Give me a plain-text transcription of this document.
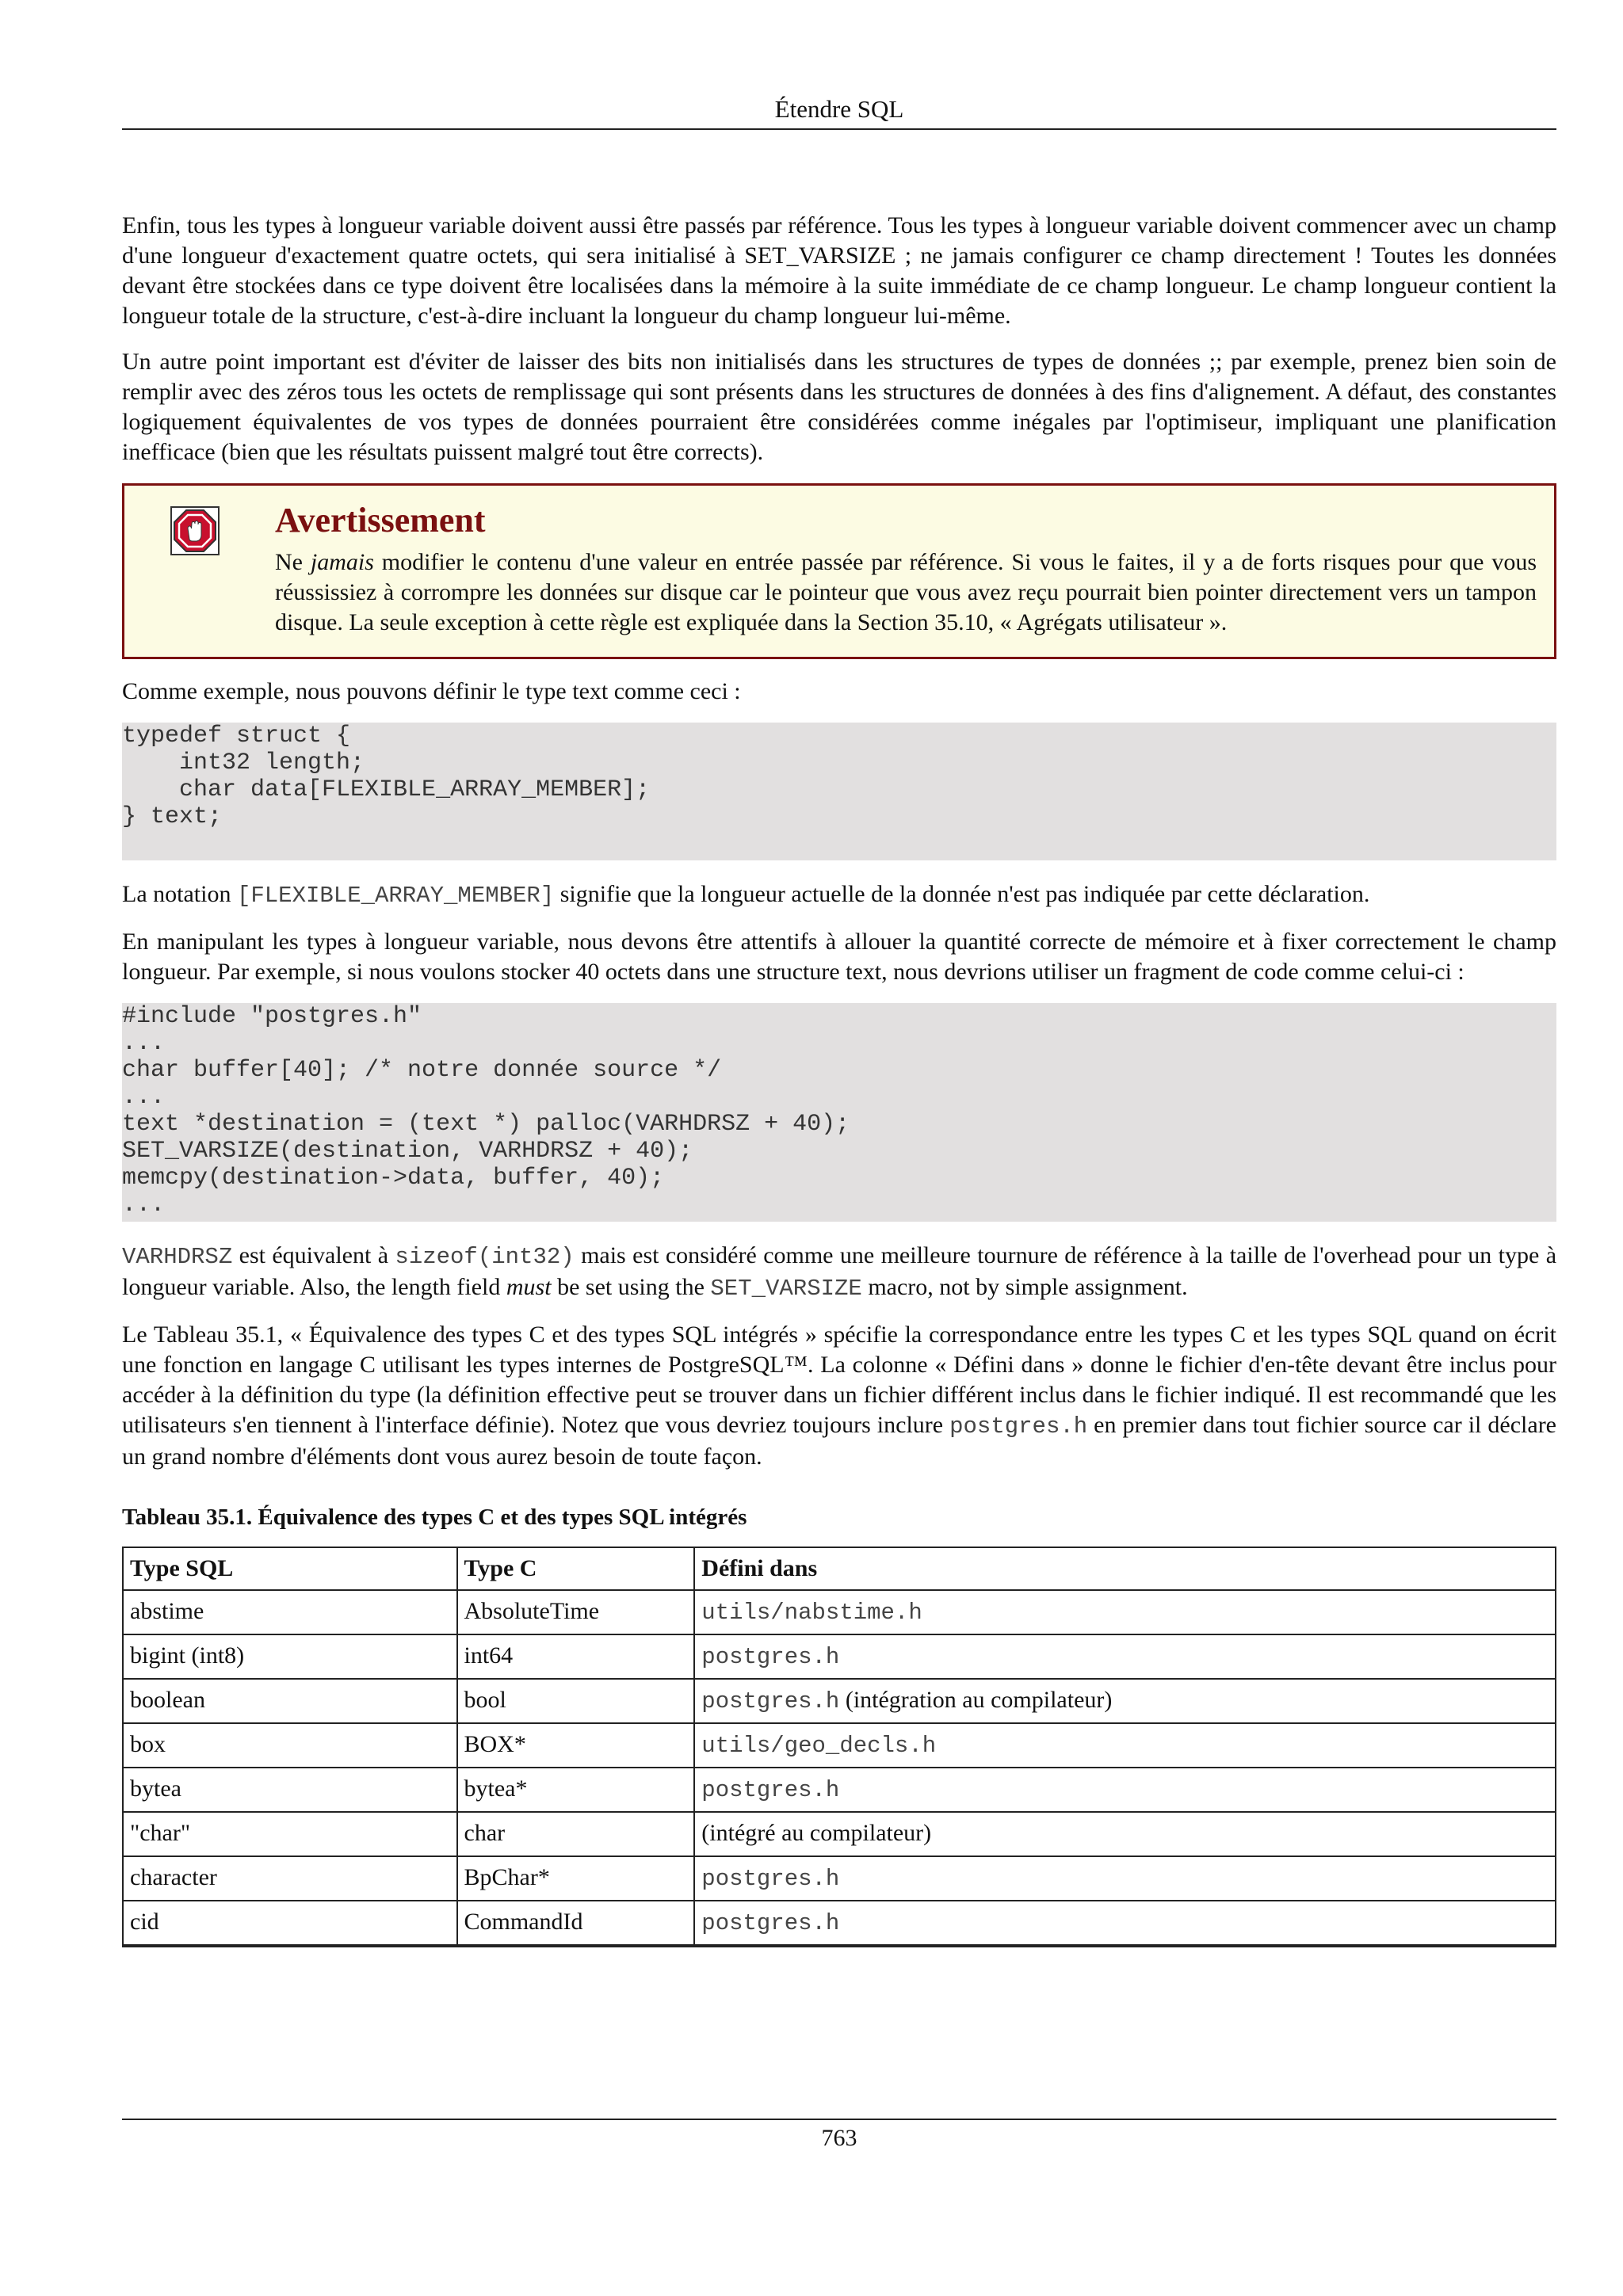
Étendre SQL

Enfin, tous les types à longueur variable doivent aussi être passés par référence. Tous les types à longueur variable doivent commencer avec un champ d'une longueur d'exactement quatre octets, qui sera initialisé à SET_VARSIZE ; ne jamais configurer ce champ directement ! Toutes les données devant être stockées dans ce type doivent être localisées dans la mémoire à la suite immédiate de ce champ longueur. Le champ longueur contient la longueur totale de la structure, c'est-à-dire incluant la longueur du champ longueur lui-même.

Un autre point important est d'éviter de laisser des bits non initialisés dans les structures de types de données ;; par exemple, prenez bien soin de remplir avec des zéros tous les octets de remplissage qui sont présents dans les structures de données à des fins d'alignement. A défaut, des constantes logiquement équivalentes de vos types de données pourraient être considérées comme inégales par l'optimiseur, impliquant une planification inefficace (bien que les résultats puissent malgré tout être corrects).

Avertissement

Ne jamais modifier le contenu d'une valeur en entrée passée par référence. Si vous le faites, il y a de forts risques pour que vous réussissiez à corrompre les données sur disque car le pointeur que vous avez reçu pourrait bien pointer directement vers un tampon disque. La seule exception à cette règle est expliquée dans la Section 35.10, « Agrégats utilisateur ».

Comme exemple, nous pouvons définir le type text comme ceci :

typedef struct {
int32 length;
char data[FLEXIBLE_ARRAY_MEMBER];
} text;

La notation [FLEXIBLE_ARRAY_MEMBER] signifie que la longueur actuelle de la donnée n'est pas indiquée par cette déclaration.

En manipulant les types à longueur variable, nous devons être attentifs à allouer la quantité correcte de mémoire et à fixer correctement le champ longueur. Par exemple, si nous voulons stocker 40 octets dans une structure text, nous devrions utiliser un fragment de code comme celui-ci :

#include "postgres.h"
...
char buffer[40]; /* notre donnée source */
...
text *destination = (text *) palloc(VARHDRSZ + 40);
SET_VARSIZE(destination, VARHDRSZ + 40);
memcpy(destination->data, buffer, 40);
...

VARHDRSZ est équivalent à sizeof(int32) mais est considéré comme une meilleure tournure de référence à la taille de l'overhead pour un type à longueur variable. Also, the length field must be set using the SET_VARSIZE macro, not by simple assignment.

Le Tableau 35.1, « Équivalence des types C et des types SQL intégrés » spécifie la correspondance entre les types C et les types SQL quand on écrit une fonction en langage C utilisant les types internes de PostgreSQL™. La colonne « Défini dans » donne le fichier d'en-tête devant être inclus pour accéder à la définition du type (la définition effective peut se trouver dans un fichier différent inclus dans le fichier indiqué. Il est recommandé que les utilisateurs s'en tiennent à l'interface définie). Notez que vous devriez toujours inclure postgres.h en premier dans tout fichier source car il déclare un grand nombre d'éléments dont vous aurez besoin de toute façon.

Tableau 35.1. Équivalence des types C et des types SQL intégrés
Type SQL	Type C	Défini dans
abstime	AbsoluteTime	utils/nabstime.h
bigint (int8)	int64	postgres.h
boolean	bool	postgres.h (intégration au compilateur)
box	BOX*	utils/geo_decls.h
bytea	bytea*	postgres.h
"char"	char	(intégré au compilateur)
character	BpChar*	postgres.h
cid	CommandId	postgres.h
763
